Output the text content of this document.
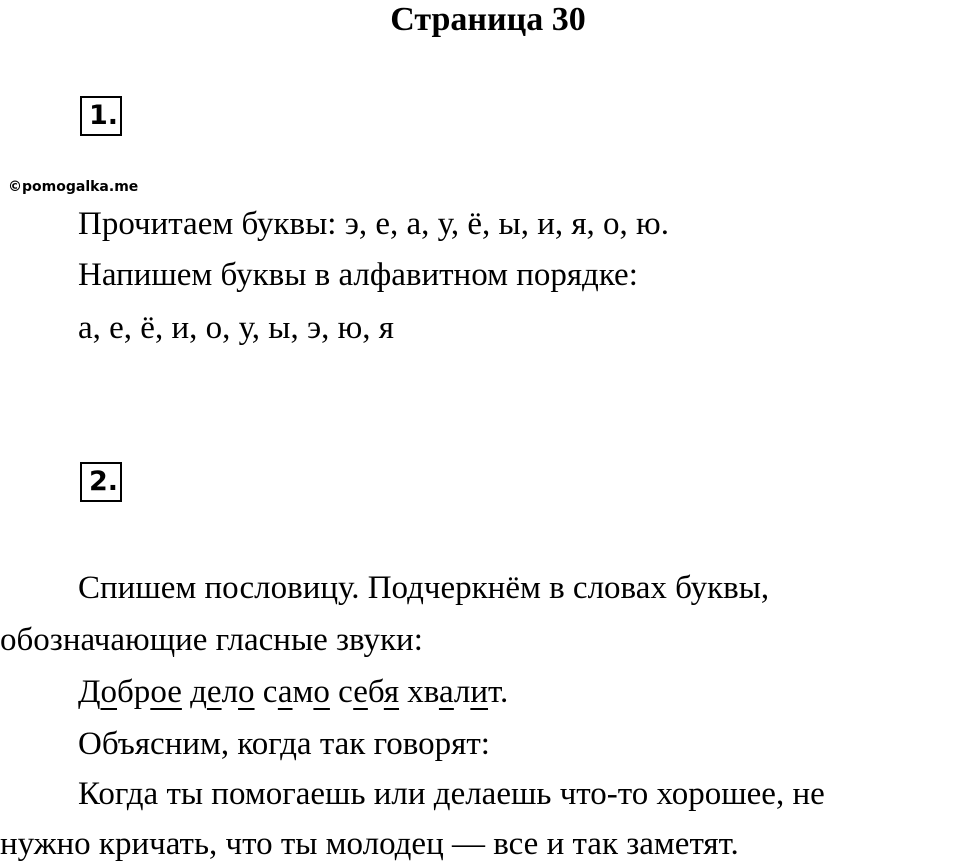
Страница 30
1.
©pomogalka.me
Прочитаем буквы: э, е, а, у, ё, ы, и, я, о, ю.
Напишем буквы в алфавитном порядке:
а, е, ё, и, о, у, ы, э, ю, я
2.
Спишем пословицу. Подчеркнём в словах буквы,
обозначающие гласные звуки:
Доброе дело само себя хвалит.
Объясним, когда так говорят:
Когда ты помогаешь или делаешь что-то хорошее, не
нужно кричать, что ты молодец — все и так заметят.
